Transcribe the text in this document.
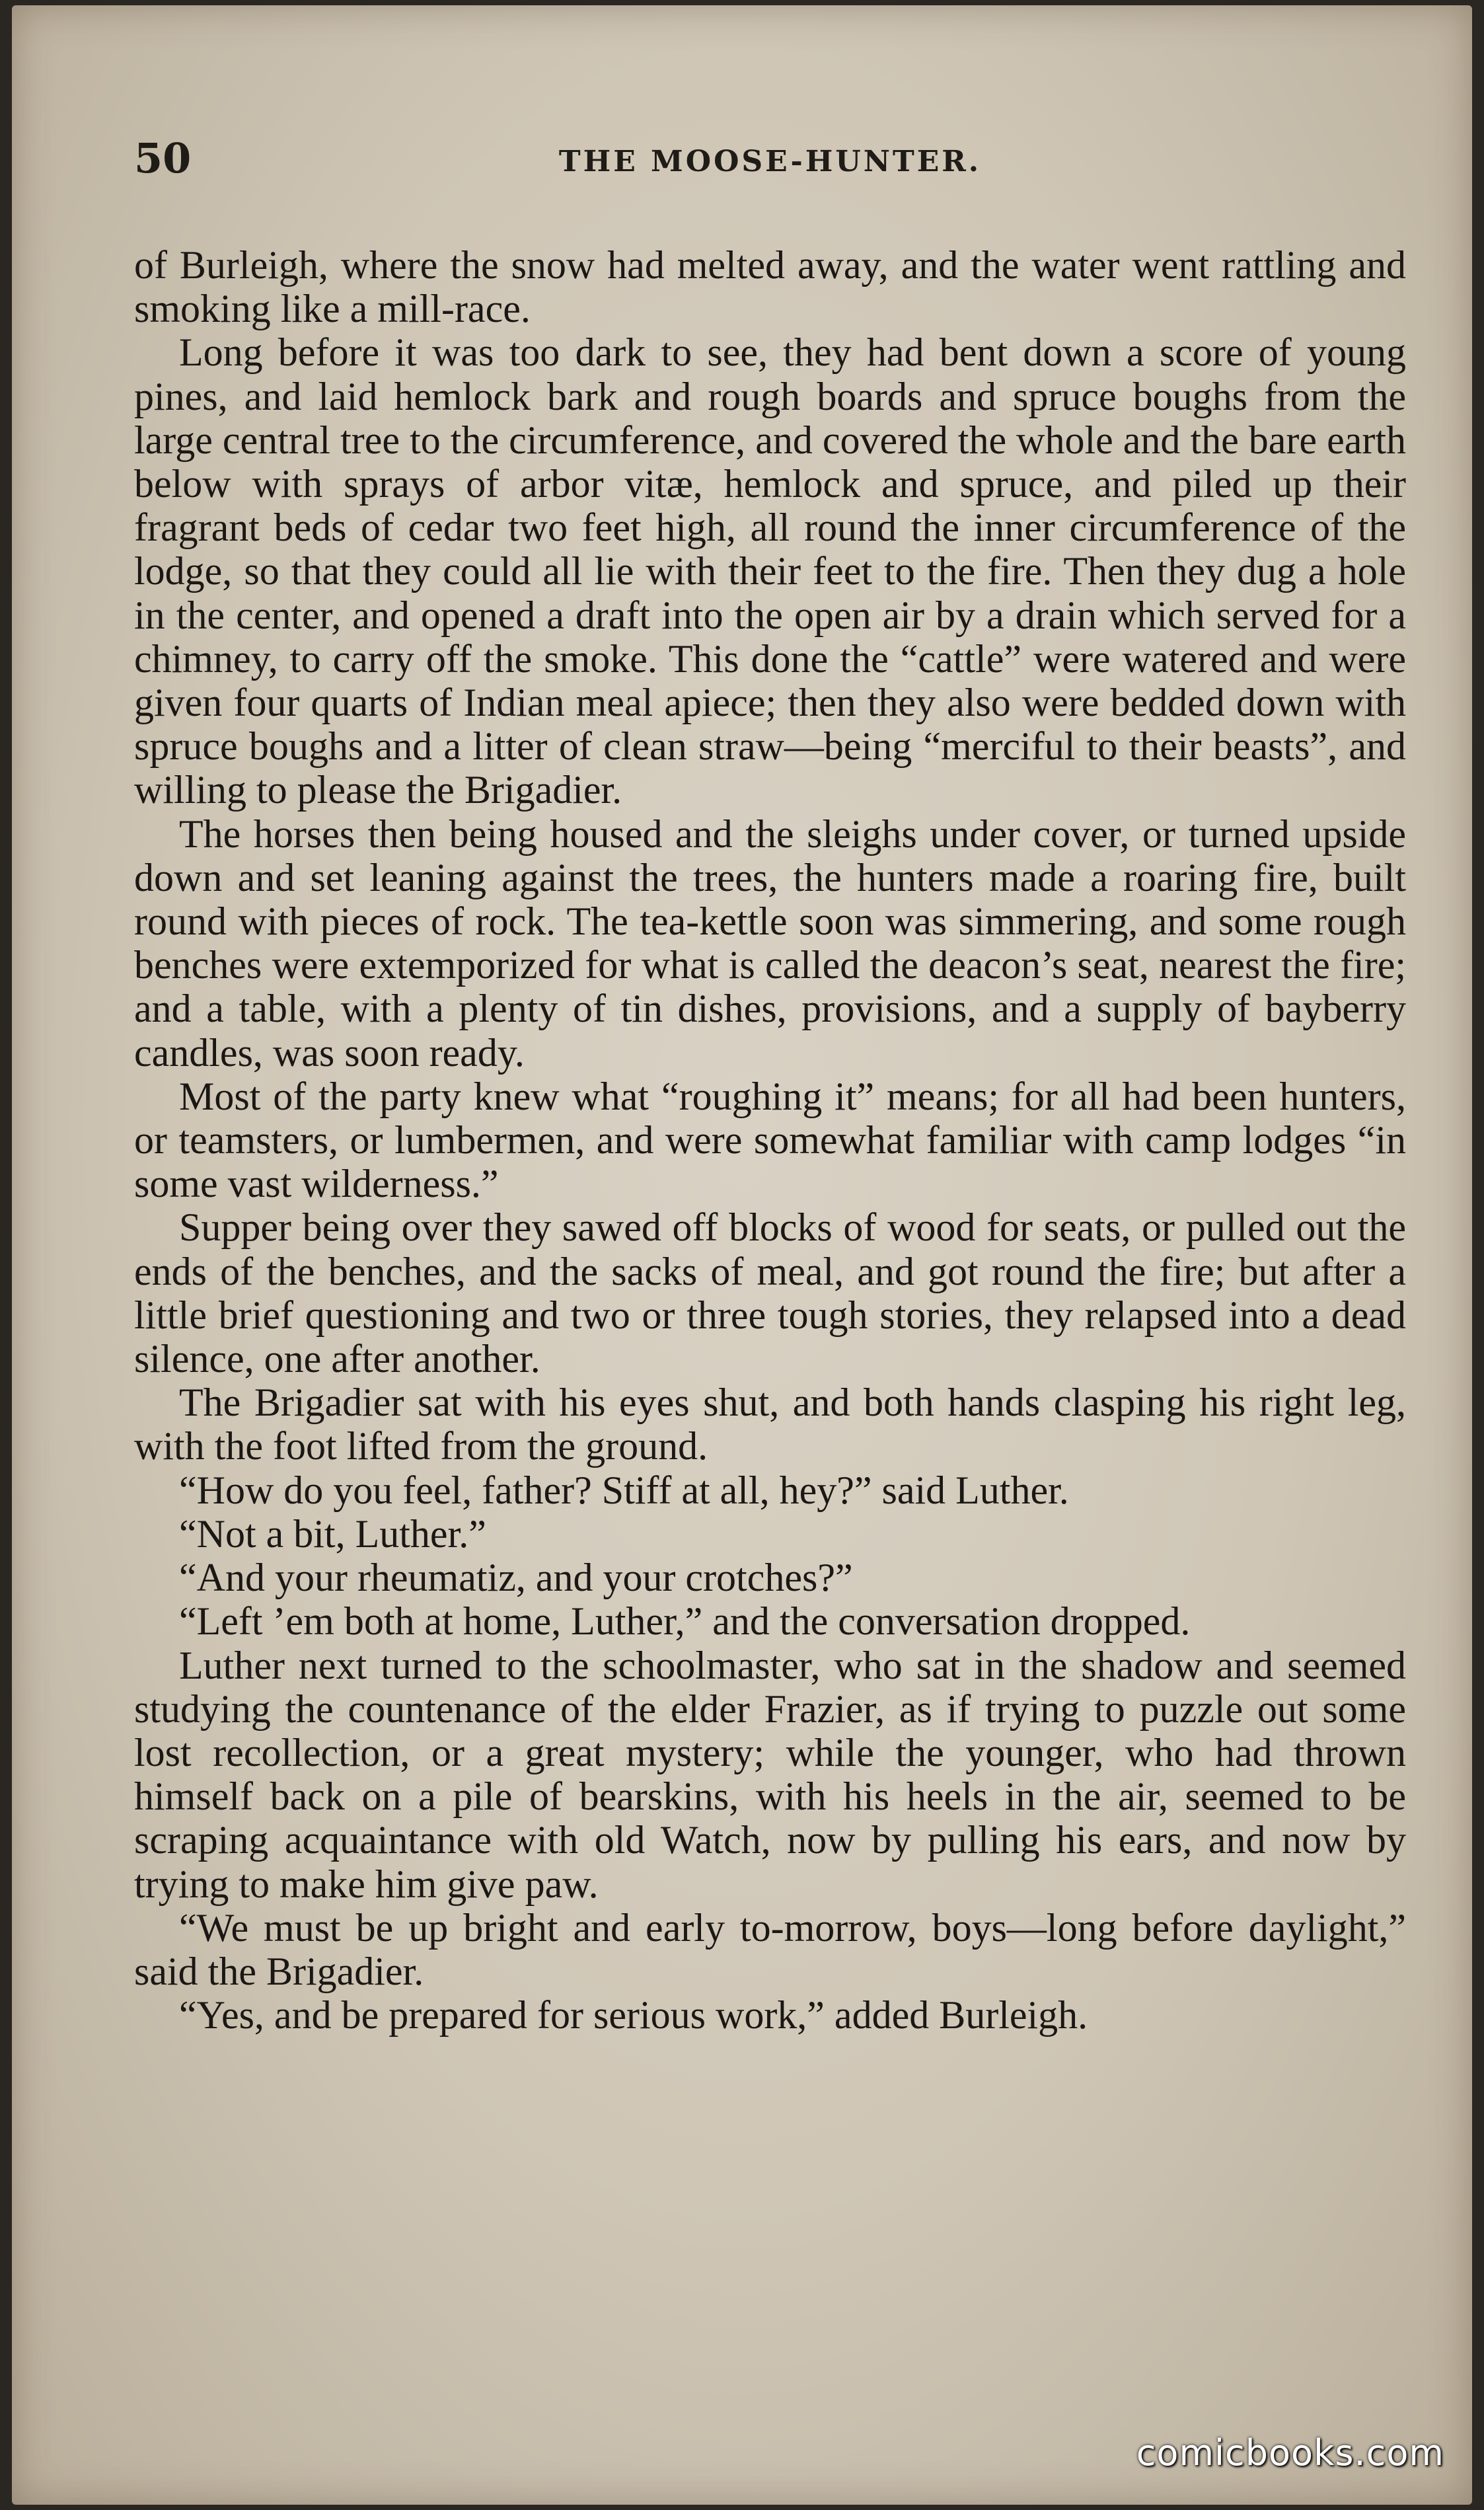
50	THE MOOSE-HUNTER.

of Burleigh, where the snow had melted away, and the water went rattling and smoking like a mill-race.

Long before it was too dark to see, they had bent down a score of young pines, and laid hemlock bark and rough boards and spruce boughs from the large central tree to the circumference, and covered the whole and the bare earth below with sprays of arbor vitæ, hemlock and spruce, and piled up their fragrant beds of cedar two feet high, all round the inner circumference of the lodge, so that they could all lie with their feet to the fire. Then they dug a hole in the center, and opened a draft into the open air by a drain which served for a chimney, to carry off the smoke. This done the “cattle” were watered and were given four quarts of Indian meal apiece; then they also were bedded down with spruce boughs and a litter of clean straw—being “merciful to their beasts”, and willing to please the Brigadier.

The horses then being housed and the sleighs under cover, or turned upside down and set leaning against the trees, the hunters made a roaring fire, built round with pieces of rock. The tea-kettle soon was simmering, and some rough benches were extemporized for what is called the deacon’s seat, nearest the fire; and a table, with a plenty of tin dishes, provisions, and a supply of bayberry candles, was soon ready.

Most of the party knew what “roughing it” means; for all had been hunters, or teamsters, or lumbermen, and were somewhat familiar with camp lodges “in some vast wilderness.”

Supper being over they sawed off blocks of wood for seats, or pulled out the ends of the benches, and the sacks of meal, and got round the fire; but after a little brief questioning and two or three tough stories, they relapsed into a dead silence, one after another.

The Brigadier sat with his eyes shut, and both hands clasping his right leg, with the foot lifted from the ground.

“How do you feel, father? Stiff at all, hey?” said Luther.

“Not a bit, Luther.”

“And your rheumatiz, and your crotches?”

“Left ’em both at home, Luther,” and the conversation dropped.

Luther next turned to the schoolmaster, who sat in the shadow and seemed studying the countenance of the elder Frazier, as if trying to puzzle out some lost recollection, or a great mystery; while the younger, who had thrown himself back on a pile of bearskins, with his heels in the air, seemed to be scraping acquaintance with old Watch, now by pulling his ears, and now by trying to make him give paw.

“We must be up bright and early to-morrow, boys—long before daylight,” said the Brigadier.

“Yes, and be prepared for serious work,” added Burleigh.

comicbooks.com
